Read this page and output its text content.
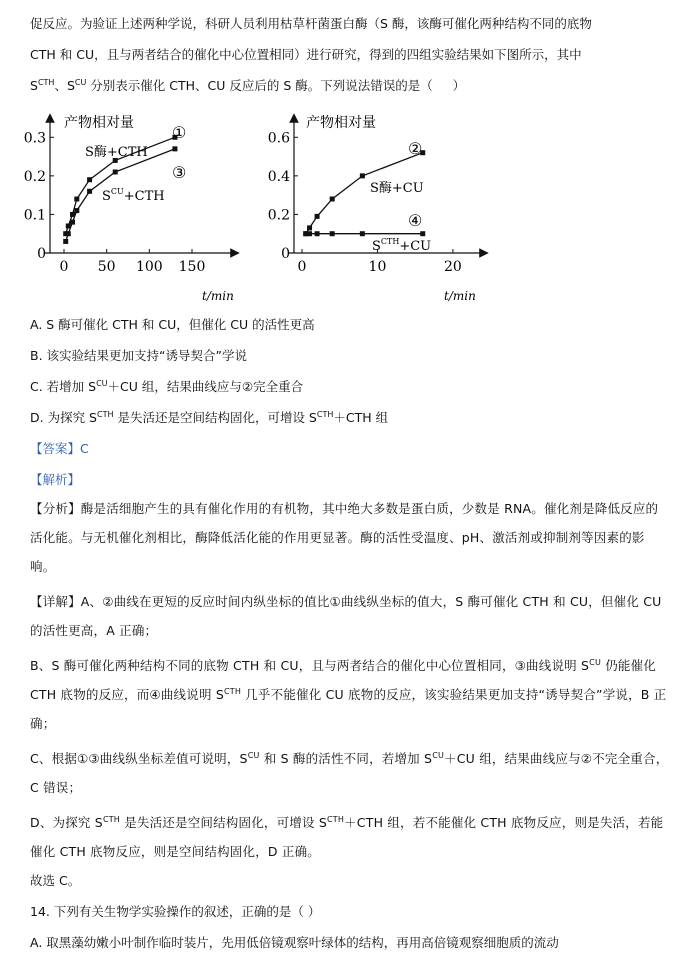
促反应。为验证上述两种学说，科研人员利用枯草杆菌蛋白酶（S 酶，该酶可催化两种结构不同的底物
CTH 和 CU，且与两者结合的催化中心位置相同）进行研究，得到的四组实验结果如下图所示，其中
$S^{CTH}$、$S^{CU}$ 分别表示催化 CTH、CU 反应后的 S 酶。下列说法错误的是（     ）
产物相对量
t/min
0 50 100 150
0
0.1
0.2
0.3	①
S酶+CTH
③
$S^{CU}+CTH$
产物相对量
t/min
0	10	20
0
0.2
0.4
0.6
②
S酶+CU
④
$S^{CTH}+CU$
A. S 酶可催化 CTH 和 CU，但催化 CU 的活性更高
B. 该实验结果更加支持“诱导契合”学说
C. 若增加 $S^{CU}+CU$ 组，结果曲线应与②完全重合
D. 为探究 $S^{CTH}$ 是失活还是空间结构固化，可增设 $S^{CTH}+CTH$ 组
【答案】C
【解析】
【分析】酶是活细胞产生的具有催化作用的有机物，其中绝大多数是蛋白质，少数是 RNA。催化剂是降低反应的活化能。与无机催化剂相比，酶降低活化能的作用更显著。酶的活性受温度、pH、激活剂或抑制剂等因素的影响。
【详解】A、②曲线在更短的反应时间内纵坐标的值比①曲线纵坐标的值大，S 酶可催化 CTH 和 CU，但催化 CU 的活性更高，A 正确；
B、S 酶可催化两种结构不同的底物 CTH 和 CU，且与两者结合的催化中心位置相同，③曲线说明 $S^{CU}$ 仍能催化 CTH 底物的反应，而④曲线说明 $S^{CTH}$ 几乎不能催化 CU 底物的反应，该实验结果更加支持“诱导契合”学说，B 正确；
C、根据①③曲线纵坐标差值可说明，$S^{CU}$ 和 S 酶的活性不同，若增加 $S^{CU}+CU$ 组，结果曲线应与②不完全重合，C 错误；
D、为探究 $S^{CTH}$ 是失活还是空间结构固化，可增设 $S^{CTH}+CTH$ 组，若不能催化 CTH 底物反应，则是失活，若能催化 CTH 底物反应，则是空间结构固化，D 正确。
故选 C。
14. 下列有关生物学实验操作的叙述，正确的是（ ）
A. 取黑藻幼嫩小叶制作临时装片，先用低倍镜观察叶绿体的结构，再用高倍镜观察细胞质的流动
